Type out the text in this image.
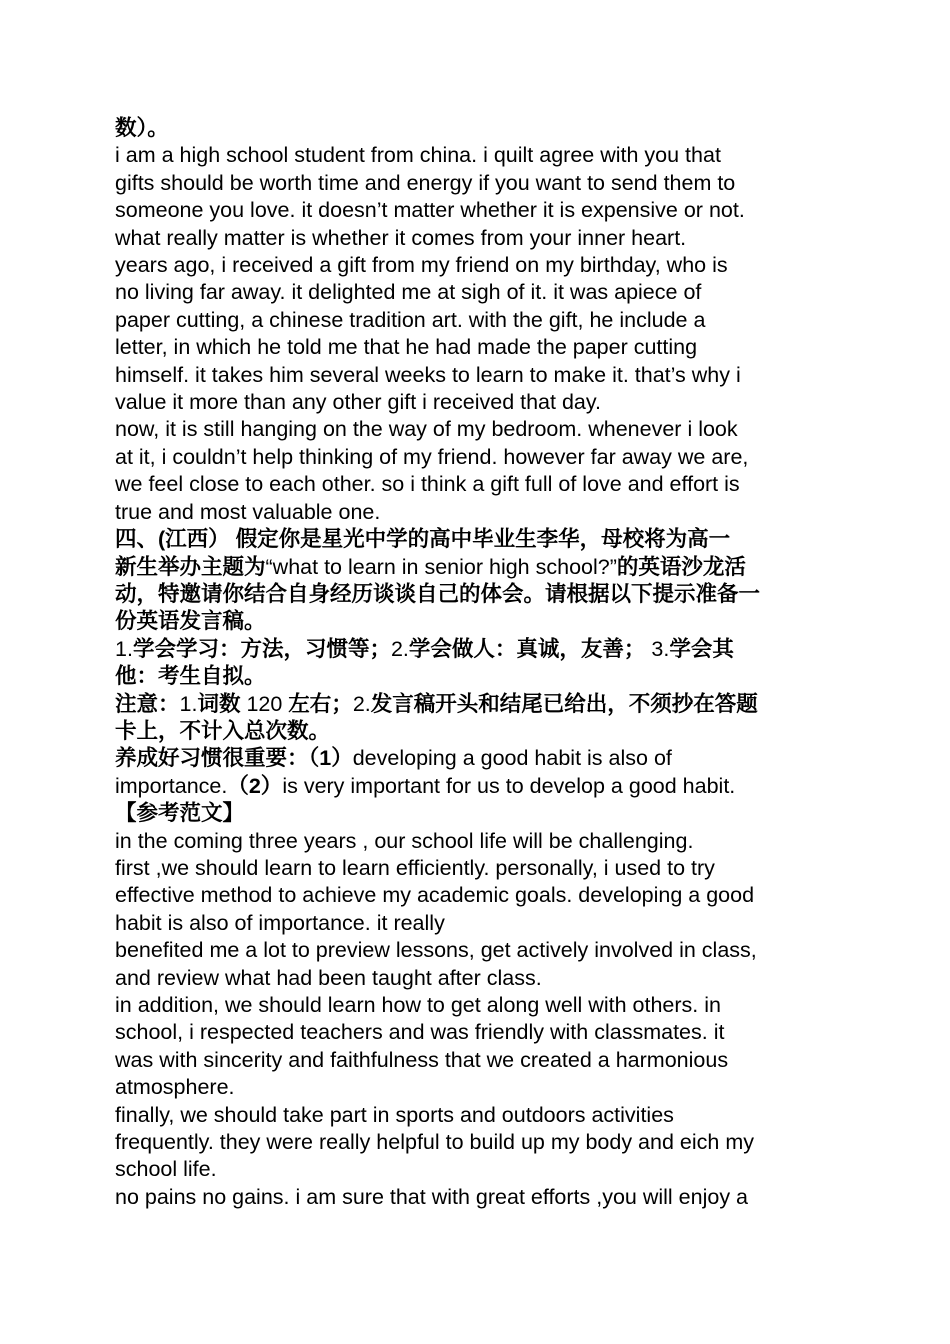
数）。
i am a high school student from china. i quilt agree with you that
gifts should be worth time and energy if you want to send them to
someone you love. it doesn’t matter whether it is expensive or not.
what really matter is whether it comes from your inner heart.
years ago, i received a gift from my friend on my birthday, who is
no living far away. it delighted me at sigh of it. it was apiece of
paper cutting, a chinese tradition art. with the gift, he include a
letter, in which he told me that he had made the paper cutting
himself. it takes him several weeks to learn to make it. that’s why i
value it more than any other gift i received that day.
now, it is still hanging on the way of my bedroom. whenever i look
at it, i couldn’t help thinking of my friend. however far away we are,
we feel close to each other. so i think a gift full of love and effort is
true and most valuable one.
四、(江西） 假定你是星光中学的高中毕业生李华，母校将为高一
新生举办主题为“what to learn in senior high school?”的英语沙龙活
动，特邀请你结合自身经历谈谈自己的体会。请根据以下提示准备一
份英语发言稿。
1.学会学习：方法，习惯等；2.学会做人：真诚，友善； 3.学会其
他：考生自拟。
注意：1.词数 120 左右；2.发言稿开头和结尾已给出，不须抄在答题
卡上，不计入总次数。
养成好习惯很重要：（1）developing a good habit is also of
importance.（2）is very important for us to develop a good habit.
【参考范文】
in the coming three years , our school life will be challenging.
first ,we should learn to learn efficiently. personally, i used to try
effective method to achieve my academic goals. developing a good
habit is also of importance. it really
benefited me a lot to preview lessons, get actively involved in class,
and review what had been taught after class.
in addition, we should learn how to get along well with others. in
school, i respected teachers and was friendly with classmates. it
was with sincerity and faithfulness that we created a harmonious
atmosphere.
finally, we should take part in sports and outdoors activities
frequently. they were really helpful to build up my body and eich my
school life.
no pains no gains. i am sure that with great efforts ,you will enjoy a
